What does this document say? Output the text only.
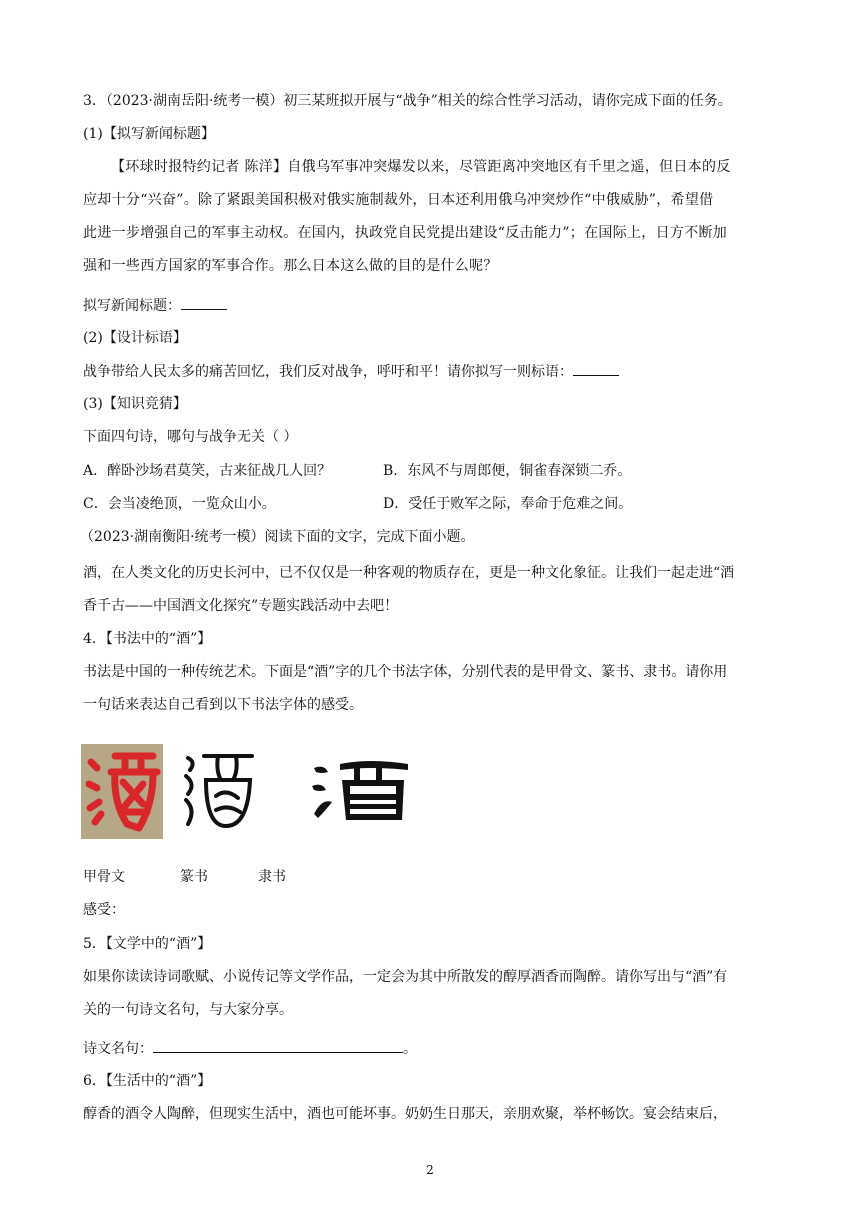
3．（2023·湖南岳阳·统考一模）初三某班拟开展与“战争”相关的综合性学习活动，请你完成下面的任务。
(1)【拟写新闻标题】
【环球时报特约记者 陈洋】自俄乌军事冲突爆发以来，尽管距离冲突地区有千里之遥，但日本的反
应却十分“兴奋”。除了紧跟美国积极对俄实施制裁外，日本还利用俄乌冲突炒作“中俄威胁”，希望借
此进一步增强自己的军事主动权。在国内，执政党自民党提出建设“反击能力”；在国际上，日方不断加
强和一些西方国家的军事合作。那么日本这么做的目的是什么呢？
拟写新闻标题：
(2)【设计标语】
战争带给人民太多的痛苦回忆，我们反对战争，呼吁和平！请你拟写一则标语：
(3)【知识竞猜】
下面四句诗，哪句与战争无关（ ）
A．醉卧沙场君莫笑，古来征战几人回？	B．东风不与周郎便，铜雀春深锁二乔。
C．会当凌绝顶，一览众山小。	D．受任于败军之际，奉命于危难之间。
（2023·湖南衡阳·统考一模）阅读下面的文字，完成下面小题。
酒，在人类文化的历史长河中，已不仅仅是一种客观的物质存在，更是一种文化象征。让我们一起走进“酒
香千古——中国酒文化探究”专题实践活动中去吧！
4．【书法中的“酒”】
书法是中国的一种传统艺术。下面是“酒”字的几个书法字体，分别代表的是甲骨文、篆书、隶书。请你用
一句话来表达自己看到以下书法字体的感受。
甲骨文	篆书	隶书
感受：
5．【文学中的“酒”】
如果你读读诗词歌赋、小说传记等文学作品，一定会为其中所散发的醇厚酒香而陶醉。请你写出与“酒”有
关的一句诗文名句，与大家分享。
诗文名句：	。
6．【生活中的“酒”】
醇香的酒令人陶醉，但现实生活中，酒也可能坏事。奶奶生日那天，亲朋欢聚，举杯畅饮。宴会结束后，
2
